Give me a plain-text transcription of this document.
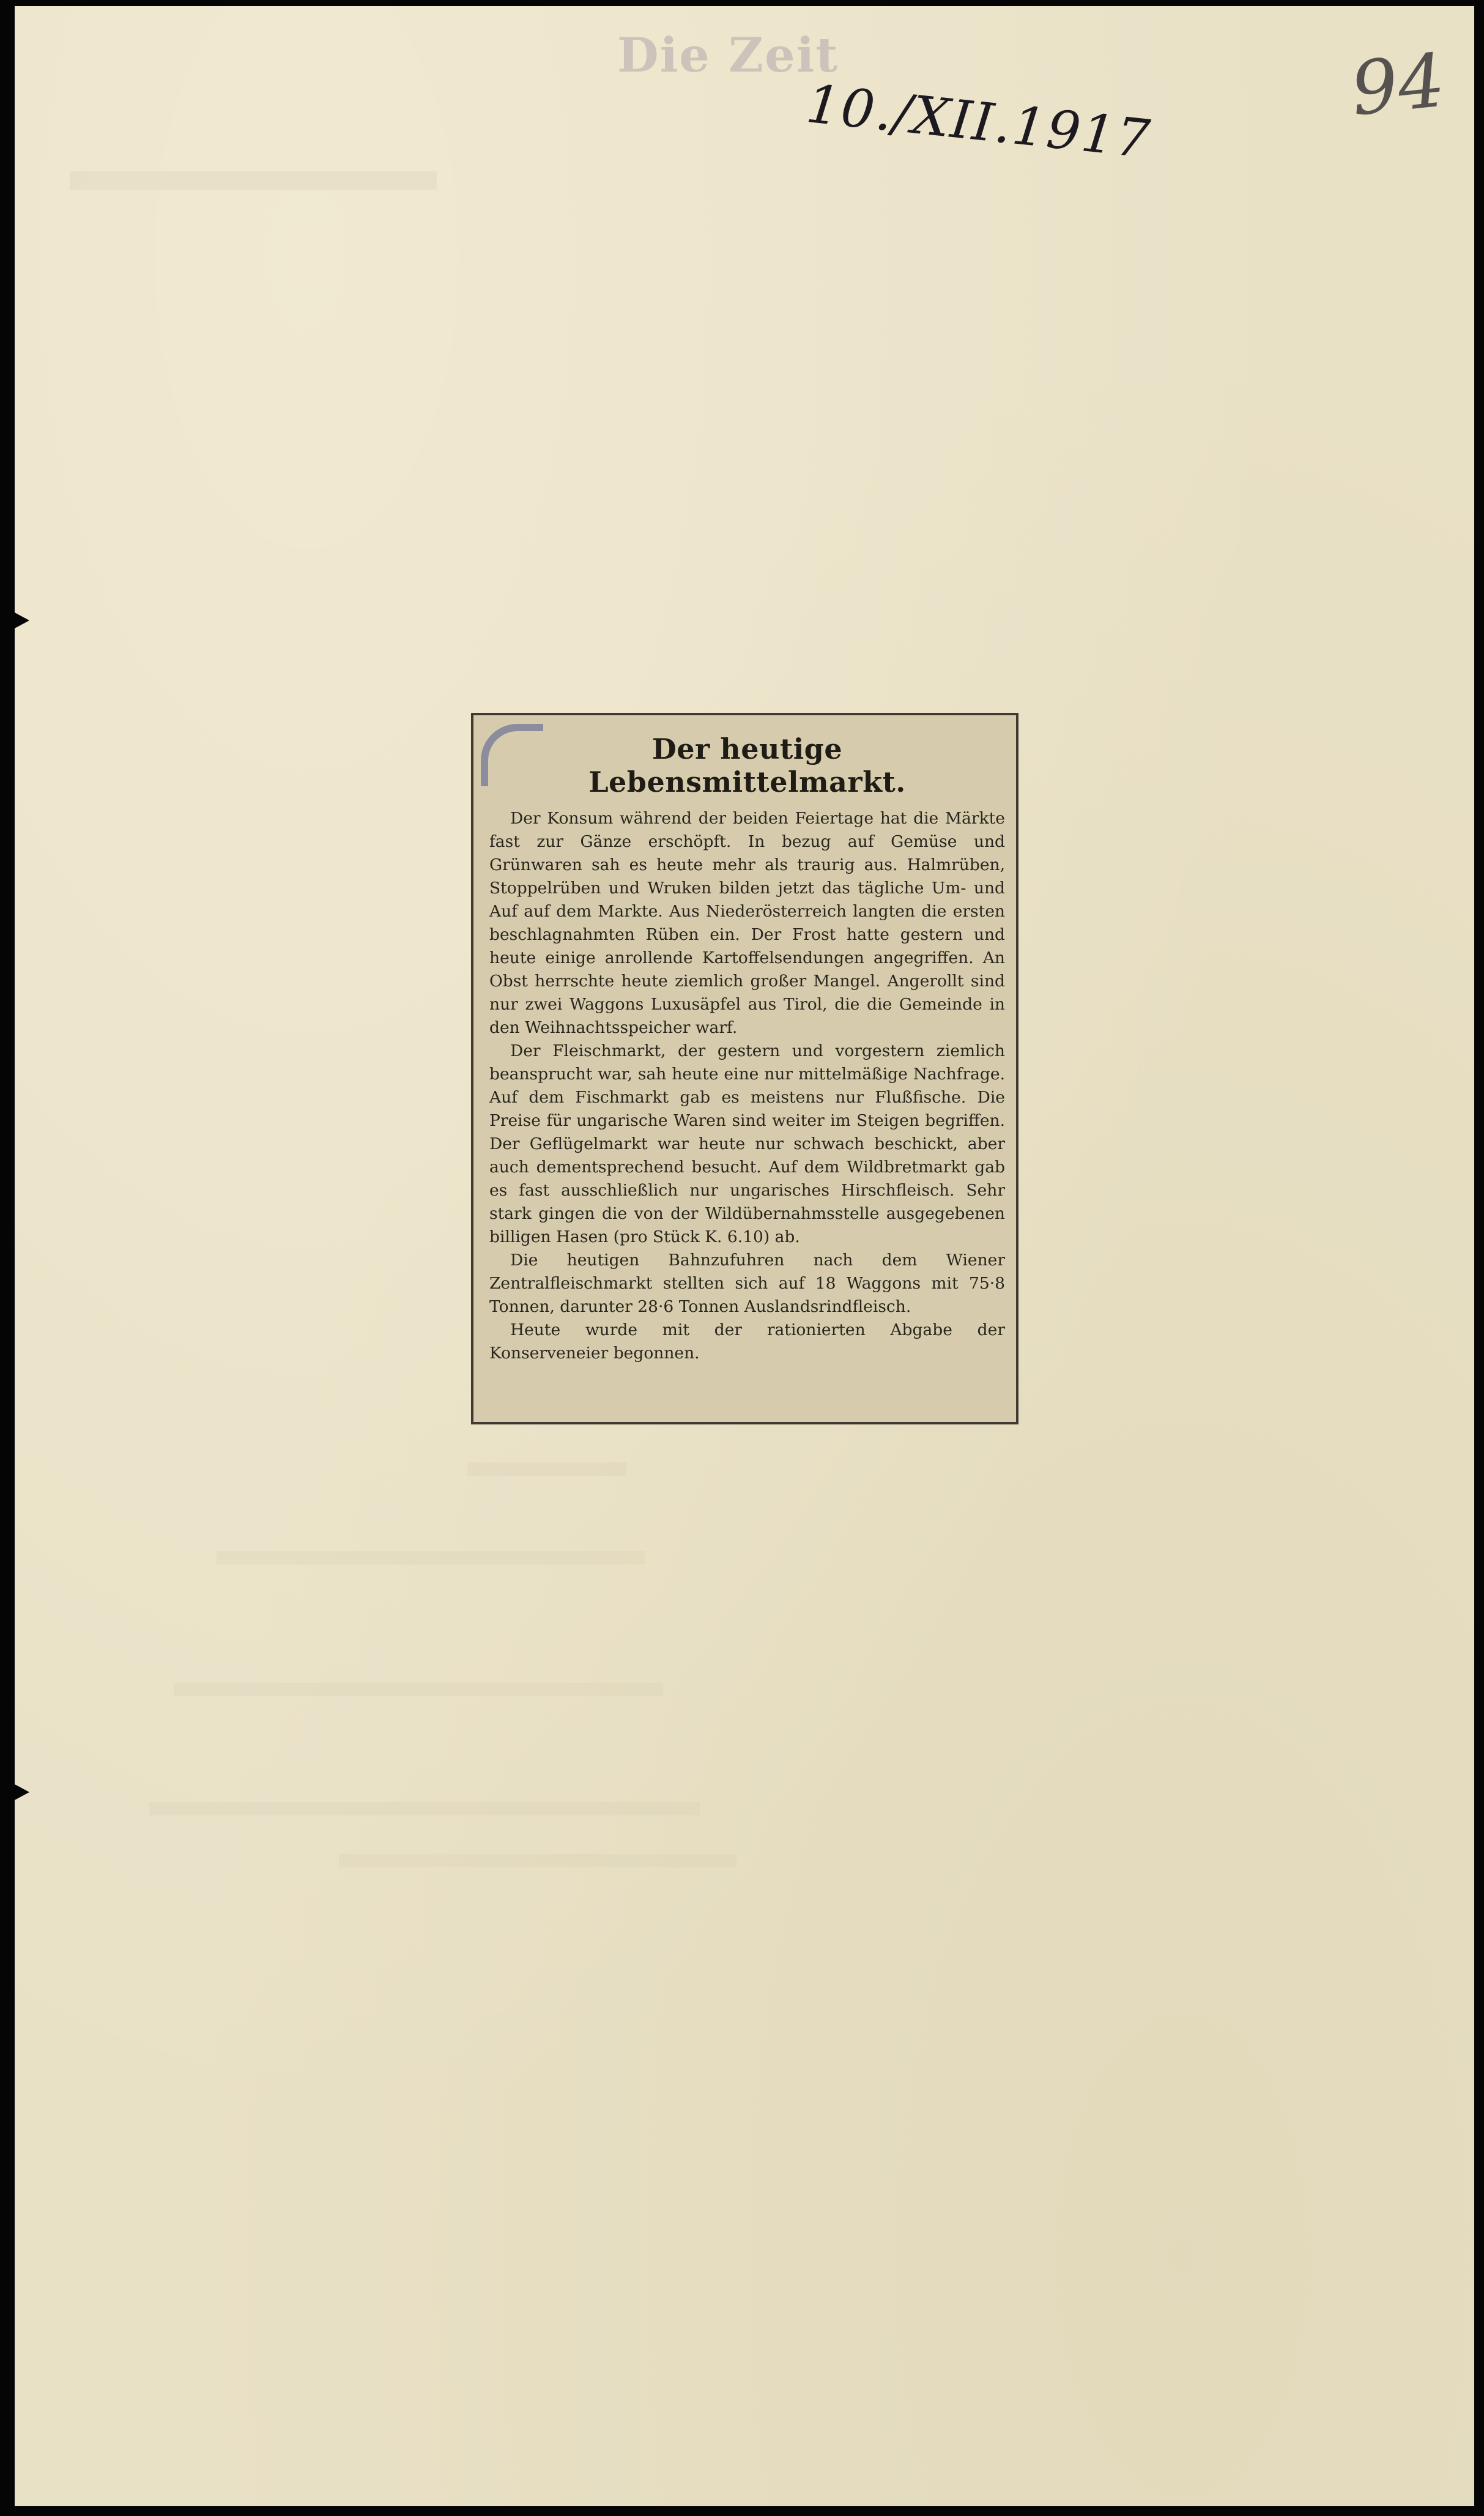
Die Zeit
10./XII.1917	94
Der heutige Lebensmittelmarkt.

Der Konsum während der beiden Feiertage hat die Märkte fast zur Gänze erschöpft. In bezug auf Gemüse und Grünwaren sah es heute mehr als traurig aus. Halmrüben, Stoppelrüben und Wruken bilden jetzt das tägliche Um- und Auf auf dem Markte. Aus Niederösterreich langten die ersten beschlagnahmten Rüben ein. Der Frost hatte gestern und heute einige anrollende Kartoffelsendungen angegriffen. An Obst herrschte heute ziemlich großer Mangel. Angerollt sind nur zwei Waggons Luxusäpfel aus Tirol, die die Gemeinde in den Weihnachtsspeicher warf.

Der Fleischmarkt, der gestern und vorgestern ziemlich beansprucht war, sah heute eine nur mittelmäßige Nachfrage. Auf dem Fischmarkt gab es meistens nur Flußfische. Die Preise für ungarische Waren sind weiter im Steigen begriffen. Der Geflügelmarkt war heute nur schwach beschickt, aber auch dementsprechend besucht. Auf dem Wildbretmarkt gab es fast ausschließlich nur ungarisches Hirschfleisch. Sehr stark gingen die von der Wildübernahmsstelle ausgegebenen billigen Hasen (pro Stück K. 6.10) ab.

Die heutigen Bahnzufuhren nach dem Wiener Zentralfleischmarkt stellten sich auf 18 Waggons mit 75·8 Tonnen, darunter 28·6 Tonnen Auslandsrindfleisch.

Heute wurde mit der rationierten Abgabe der Konserveneier begonnen.
